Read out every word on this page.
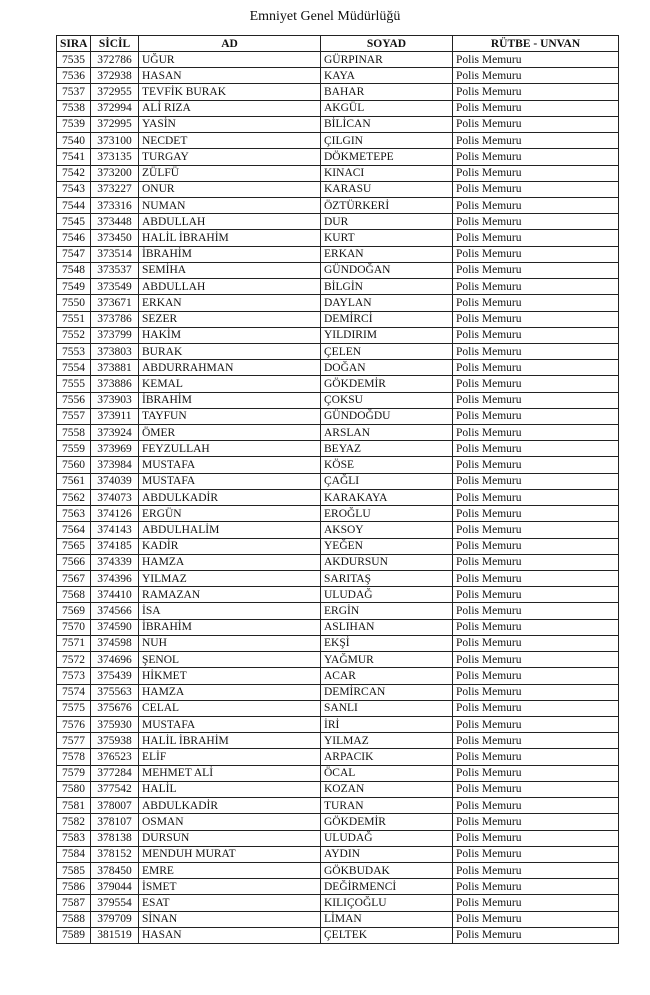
Emniyet Genel Müdürlüğü
SIRA	SİCİL	AD	SOYAD	RÜTBE - UNVAN
7535	372786	UĞUR	GÜRPINAR	Polis Memuru
7536	372938	HASAN	KAYA	Polis Memuru
7537	372955	TEVFİK BURAK	BAHAR	Polis Memuru
7538	372994	ALİ RIZA	AKGÜL	Polis Memuru
7539	372995	YASİN	BİLİCAN	Polis Memuru
7540	373100	NECDET	ÇILGIN	Polis Memuru
7541	373135	TURGAY	DÖKMETEPE	Polis Memuru
7542	373200	ZÜLFÜ	KINACI	Polis Memuru
7543	373227	ONUR	KARASU	Polis Memuru
7544	373316	NUMAN	ÖZTÜRKERİ	Polis Memuru
7545	373448	ABDULLAH	DUR	Polis Memuru
7546	373450	HALİL İBRAHİM	KURT	Polis Memuru
7547	373514	İBRAHİM	ERKAN	Polis Memuru
7548	373537	SEMİHA	GÜNDOĞAN	Polis Memuru
7549	373549	ABDULLAH	BİLGİN	Polis Memuru
7550	373671	ERKAN	DAYLAN	Polis Memuru
7551	373786	SEZER	DEMİRCİ	Polis Memuru
7552	373799	HAKİM	YILDIRIM	Polis Memuru
7553	373803	BURAK	ÇELEN	Polis Memuru
7554	373881	ABDURRAHMAN	DOĞAN	Polis Memuru
7555	373886	KEMAL	GÖKDEMİR	Polis Memuru
7556	373903	İBRAHİM	ÇOKSU	Polis Memuru
7557	373911	TAYFUN	GÜNDOĞDU	Polis Memuru
7558	373924	ÖMER	ARSLAN	Polis Memuru
7559	373969	FEYZULLAH	BEYAZ	Polis Memuru
7560	373984	MUSTAFA	KÖSE	Polis Memuru
7561	374039	MUSTAFA	ÇAĞLI	Polis Memuru
7562	374073	ABDULKADİR	KARAKAYA	Polis Memuru
7563	374126	ERGÜN	EROĞLU	Polis Memuru
7564	374143	ABDULHALİM	AKSOY	Polis Memuru
7565	374185	KADİR	YEĞEN	Polis Memuru
7566	374339	HAMZA	AKDURSUN	Polis Memuru
7567	374396	YILMAZ	SARITAŞ	Polis Memuru
7568	374410	RAMAZAN	ULUDAĞ	Polis Memuru
7569	374566	İSA	ERGİN	Polis Memuru
7570	374590	İBRAHİM	ASLIHAN	Polis Memuru
7571	374598	NUH	EKŞİ	Polis Memuru
7572	374696	ŞENOL	YAĞMUR	Polis Memuru
7573	375439	HİKMET	ACAR	Polis Memuru
7574	375563	HAMZA	DEMİRCAN	Polis Memuru
7575	375676	CELAL	SANLI	Polis Memuru
7576	375930	MUSTAFA	İRİ	Polis Memuru
7577	375938	HALİL İBRAHİM	YILMAZ	Polis Memuru
7578	376523	ELİF	ARPACIK	Polis Memuru
7579	377284	MEHMET ALİ	ÖCAL	Polis Memuru
7580	377542	HALİL	KOZAN	Polis Memuru
7581	378007	ABDULKADİR	TURAN	Polis Memuru
7582	378107	OSMAN	GÖKDEMİR	Polis Memuru
7583	378138	DURSUN	ULUDAĞ	Polis Memuru
7584	378152	MENDUH MURAT	AYDIN	Polis Memuru
7585	378450	EMRE	GÖKBUDAK	Polis Memuru
7586	379044	İSMET	DEĞİRMENCİ	Polis Memuru
7587	379554	ESAT	KILIÇOĞLU	Polis Memuru
7588	379709	SİNAN	LİMAN	Polis Memuru
7589	381519	HASAN	ÇELTEK	Polis Memuru
